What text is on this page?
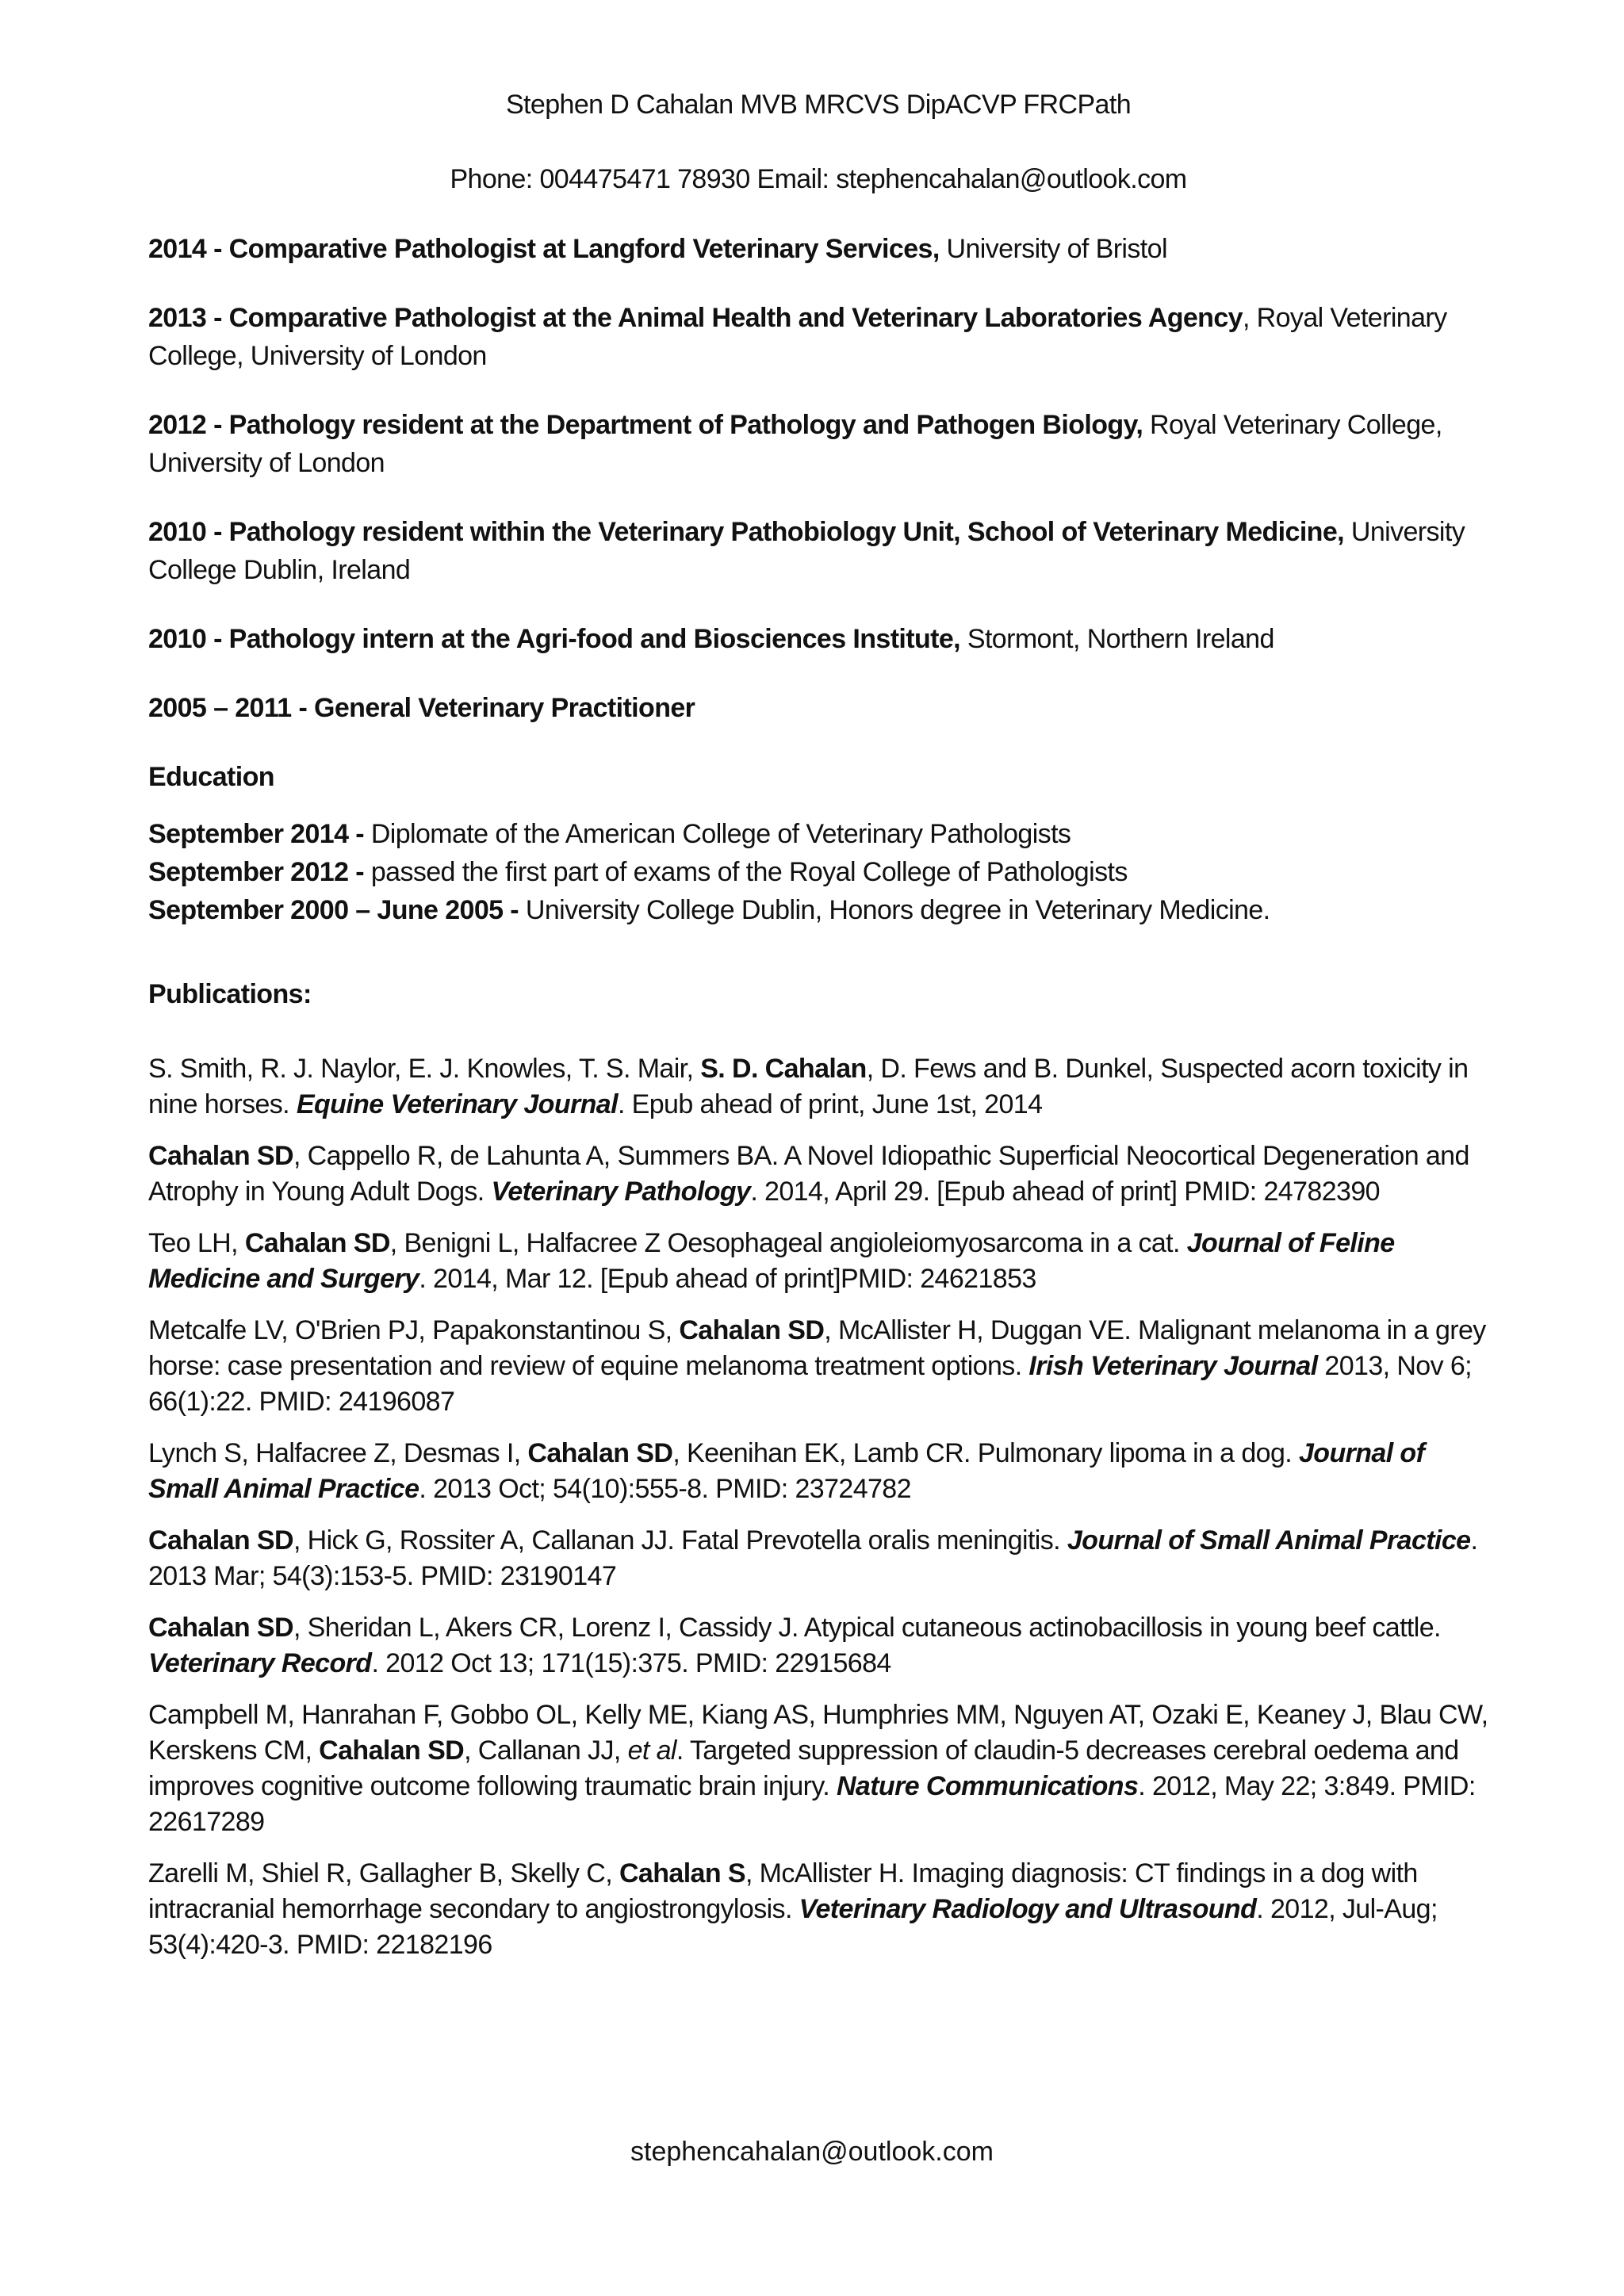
Stephen D Cahalan MVB MRCVS DipACVP FRCPath

Phone: 004475471 78930 Email: stephencahalan@outlook.com

2014 - Comparative Pathologist at Langford Veterinary Services, University of Bristol

2013 - Comparative Pathologist at the Animal Health and Veterinary Laboratories Agency, Royal Veterinary College, University of London

2012 - Pathology resident at the Department of Pathology and Pathogen Biology, Royal Veterinary College, University of London

2010 - Pathology resident within the Veterinary Pathobiology Unit, School of Veterinary Medicine, University College Dublin, Ireland

2010 - Pathology intern at the Agri-food and Biosciences Institute, Stormont, Northern Ireland

2005 – 2011 - General Veterinary Practitioner

Education

September 2014 - Diplomate of the American College of Veterinary Pathologists

September 2012 - passed the first part of exams of the Royal College of Pathologists

September 2000 – June 2005 - University College Dublin, Honors degree in Veterinary Medicine.

Publications:

S. Smith, R. J. Naylor, E. J. Knowles, T. S. Mair, S. D. Cahalan, D. Fews and B. Dunkel, Suspected acorn toxicity in nine horses. Equine Veterinary Journal. Epub ahead of print, June 1st, 2014

Cahalan SD, Cappello R, de Lahunta A, Summers BA. A Novel Idiopathic Superficial Neocortical Degeneration and Atrophy in Young Adult Dogs. Veterinary Pathology. 2014, April 29. [Epub ahead of print] PMID: 24782390

Teo LH, Cahalan SD, Benigni L, Halfacree Z Oesophageal angioleiomyosarcoma in a cat. Journal of Feline Medicine and Surgery. 2014, Mar 12. [Epub ahead of print]PMID: 24621853

Metcalfe LV, O'Brien PJ, Papakonstantinou S, Cahalan SD, McAllister H, Duggan VE. Malignant melanoma in a grey horse: case presentation and review of equine melanoma treatment options. Irish Veterinary Journal 2013, Nov 6; 66(1):22. PMID: 24196087

Lynch S, Halfacree Z, Desmas I, Cahalan SD, Keenihan EK, Lamb CR. Pulmonary lipoma in a dog. Journal of Small Animal Practice. 2013 Oct; 54(10):555-8. PMID: 23724782

Cahalan SD, Hick G, Rossiter A, Callanan JJ. Fatal Prevotella oralis meningitis. Journal of Small Animal Practice. 2013 Mar; 54(3):153-5. PMID: 23190147

Cahalan SD, Sheridan L, Akers CR, Lorenz I, Cassidy J. Atypical cutaneous actinobacillosis in young beef cattle. Veterinary Record. 2012 Oct 13; 171(15):375. PMID: 22915684

Campbell M, Hanrahan F, Gobbo OL, Kelly ME, Kiang AS, Humphries MM, Nguyen AT, Ozaki E, Keaney J, Blau CW, Kerskens CM, Cahalan SD, Callanan JJ, et al. Targeted suppression of claudin-5 decreases cerebral oedema and improves cognitive outcome following traumatic brain injury. Nature Communications. 2012, May 22; 3:849. PMID: 22617289

Zarelli M, Shiel R, Gallagher B, Skelly C, Cahalan S, McAllister H. Imaging diagnosis: CT findings in a dog with intracranial hemorrhage secondary to angiostrongylosis. Veterinary Radiology and Ultrasound. 2012, Jul-Aug; 53(4):420-3. PMID: 22182196

stephencahalan@outlook.com
